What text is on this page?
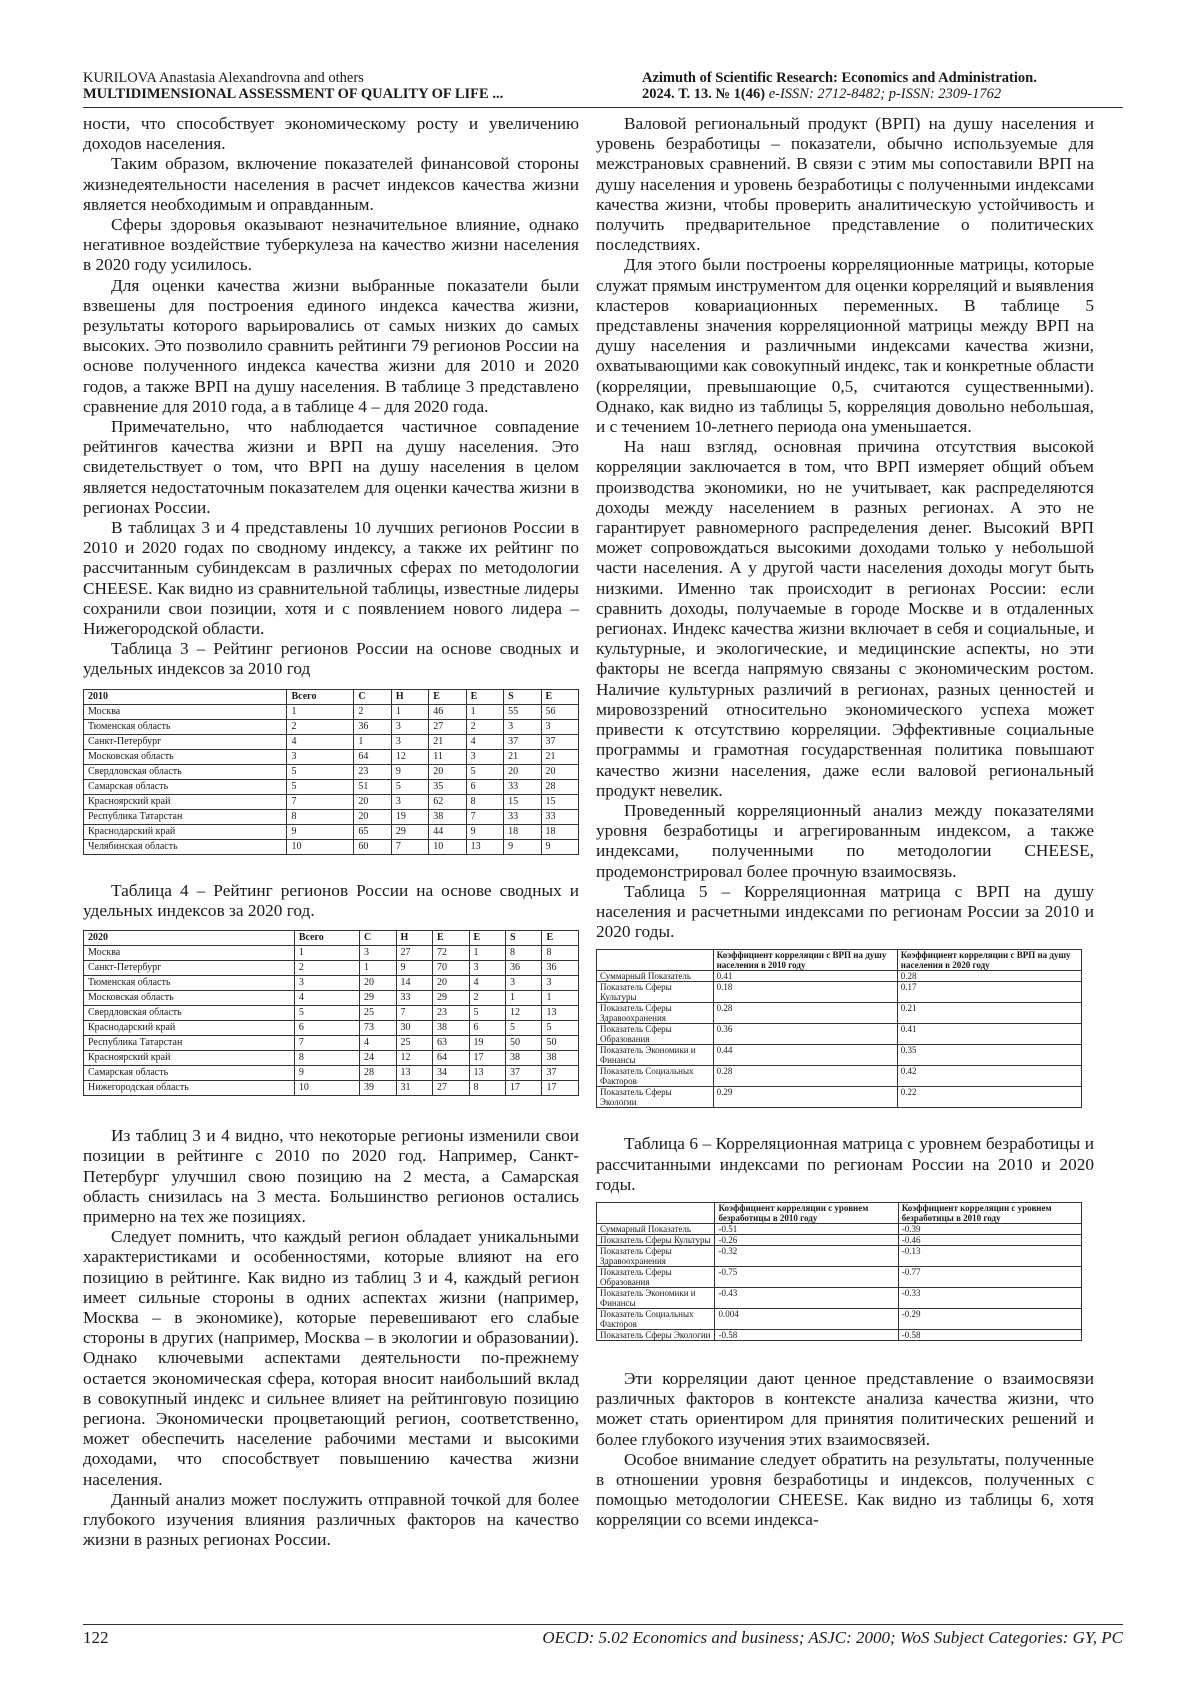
KURILOVA Anastasia Alexandrovna and others
MULTIDIMENSIONAL ASSESSMENT OF QUALITY OF LIFE ...
Azimuth of Scientific Research: Economics and Administration.
2024. Т. 13. № 1(46) e-ISSN: 2712-8482; p-ISSN: 2309-1762

ности, что способствует экономическому росту и увеличению доходов населения.

Таким образом, включение показателей финансовой стороны жизнедеятельности населения в расчет индексов качества жизни является необходимым и оправданным.

Сферы здоровья оказывают незначительное влияние, однако негативное воздействие туберкулеза на качество жизни населения в 2020 году усилилось.

Для оценки качества жизни выбранные показатели были взвешены для построения единого индекса качества жизни, результаты которого варьировались от самых низких до самых высоких. Это позволило сравнить рейтинги 79 регионов России на основе полученного индекса качества жизни для 2010 и 2020 годов, а также ВРП на душу населения. В таблице 3 представлено сравнение для 2010 года, а в таблице 4 – для 2020 года.

Примечательно, что наблюдается частичное совпадение рейтингов качества жизни и ВРП на душу населения. Это свидетельствует о том, что ВРП на душу населения в целом является недостаточным показателем для оценки качества жизни в регионах России.

В таблицах 3 и 4 представлены 10 лучших регионов России в 2010 и 2020 годах по сводному индексу, а также их рейтинг по рассчитанным субиндексам в различных сферах по методологии CHEESE. Как видно из сравнительной таблицы, известные лидеры сохранили свои позиции, хотя и с появлением нового лидера – Нижегородской области.

Таблица 3 – Рейтинг регионов России на основе сводных и удельных индексов за 2010 год

2010	Всего	C	H	E	E	S	E
Москва	1	2	1	46	1	55	56
Тюменская область	2	36	3	27	2	3	3
Санкт-Петербург	4	1	3	21	4	37	37
Московская область	3	64	12	11	3	21	21
Свердловская область	5	23	9	20	5	20	20
Самарская область	5	51	5	35	6	33	28
Красноярский край	7	20	3	62	8	15	15
Республика Татарстан	8	20	19	38	7	33	33
Краснодарский край	9	65	29	44	9	18	18
Челябинская область	10	60	7	10	13	9	9

Таблица 4 – Рейтинг регионов России на основе сводных и удельных индексов за 2020 год.

2020	Всего	C	H	E	E	S	E
Москва	1	3	27	72	1	8	8
Санкт-Петербург	2	1	9	70	3	36	36
Тюменская область	3	20	14	20	4	3	3
Московская область	4	29	33	29	2	1	1
Свердловская область	5	25	7	23	5	12	13
Краснодарский край	6	73	30	38	6	5	5
Республика Татарстан	7	4	25	63	19	50	50
Красноярский край	8	24	12	64	17	38	38
Самарская область	9	28	13	34	13	37	37
Нижегородская область	10	39	31	27	8	17	17

Из таблиц 3 и 4 видно, что некоторые регионы изменили свои позиции в рейтинге с 2010 по 2020 год. Например, Санкт-Петербург улучшил свою позицию на 2 места, а Самарская область снизилась на 3 места. Большинство регионов остались примерно на тех же позициях.

Следует помнить, что каждый регион обладает уникальными характеристиками и особенностями, которые влияют на его позицию в рейтинге. Как видно из таблиц 3 и 4, каждый регион имеет сильные стороны в одних аспектах жизни (например, Москва – в экономике), которые перевешивают его слабые стороны в других (например, Москва – в экологии и образовании). Однако ключевыми аспектами деятельности по-прежнему остается экономическая сфера, которая вносит наибольший вклад в совокупный индекс и сильнее влияет на рейтинговую позицию региона. Экономически процветающий регион, соответственно, может обеспечить население рабочими местами и высокими доходами, что способствует повышению качества жизни населения.

Данный анализ может послужить отправной точкой для более глубокого изучения влияния различных факторов на качество жизни в разных регионах России.

Валовой региональный продукт (ВРП) на душу населения и уровень безработицы – показатели, обычно используемые для межстрановых сравнений. В связи с этим мы сопоставили ВРП на душу населения и уровень безработицы с полученными индексами качества жизни, чтобы проверить аналитическую устойчивость и получить предварительное представление о политических последствиях.

Для этого были построены корреляционные матрицы, которые служат прямым инструментом для оценки корреляций и выявления кластеров ковариационных переменных. В таблице 5 представлены значения корреляционной матрицы между ВРП на душу населения и различными индексами качества жизни, охватывающими как совокупный индекс, так и конкретные области (корреляции, превышающие 0,5, считаются существенными). Однако, как видно из таблицы 5, корреляция довольно небольшая, и с течением 10-летнего периода она уменьшается.

На наш взгляд, основная причина отсутствия высокой корреляции заключается в том, что ВРП измеряет общий объем производства экономики, но не учитывает, как распределяются доходы между населением в разных регионах. А это не гарантирует равномерного распределения денег. Высокий ВРП может сопровождаться высокими доходами только у небольшой части населения. А у другой части населения доходы могут быть низкими. Именно так происходит в регионах России: если сравнить доходы, получаемые в городе Москве и в отдаленных регионах. Индекс качества жизни включает в себя и социальные, и культурные, и экологические, и медицинские аспекты, но эти факторы не всегда напрямую связаны с экономическим ростом. Наличие культурных различий в регионах, разных ценностей и мировоззрений относительно экономического успеха может привести к отсутствию корреляции. Эффективные социальные программы и грамотная государственная политика повышают качество жизни населения, даже если валовой региональный продукт невелик.

Проведенный корреляционный анализ между показателями уровня безработицы и агрегированным индексом, а также индексами, полученными по методологии CHEESE, продемонстрировал более прочную взаимосвязь.

Таблица 5 – Корреляционная матрица с ВРП на душу населения и расчетными индексами по регионам России за 2010 и 2020 годы.

	Коэффициент корреляции с ВРП на душу населения в 2010 году	Коэффициент корреляции с ВРП на душу населения в 2020 году
Суммарный Показатель	0.41	0.28
Показатель Сферы Культуры	0.18	0.17
Показатель Сферы Здравоохранения	0.28	0.21
Показатель Сферы Образования	0.36	0.41
Показатель Экономики и Финансы	0.44	0.35
Показатель Социальных Факторов	0.28	0.42
Показатель Сферы Экологии	0.29	0.22

Таблица 6 – Корреляционная матрица с уровнем безработицы и рассчитанными индексами по регионам России на 2010 и 2020 годы.

	Коэффициент корреляции с уровнем безработицы в 2010 году	Коэффициент корреляции с уровнем безработицы в 2010 году
Суммарный Показатель	-0.51	-0.39
Показатель Сферы Культуры	-0.26	-0.46
Показатель Сферы Здравоохранения	-0.32	-0.13
Показатель Сферы Образования	-0.75	-0.77
Показатель Экономики и Финансы	-0.43	-0.33
Показатель Социальных Факторов	0.004	-0.29
Показатель Сферы Экологии	-0.58	-0.58

Эти корреляции дают ценное представление о взаимосвязи различных факторов в контексте анализа качества жизни, что может стать ориентиром для принятия политических решений и более глубокого изучения этих взаимосвязей.

Особое внимание следует обратить на результаты, полученные в отношении уровня безработицы и индексов, полученных с помощью методологии CHEESE. Как видно из таблицы 6, хотя корреляции со всеми индекса-

122	OECD: 5.02 Economics and business; ASJC: 2000; WoS Subject Categories: GY, PC
